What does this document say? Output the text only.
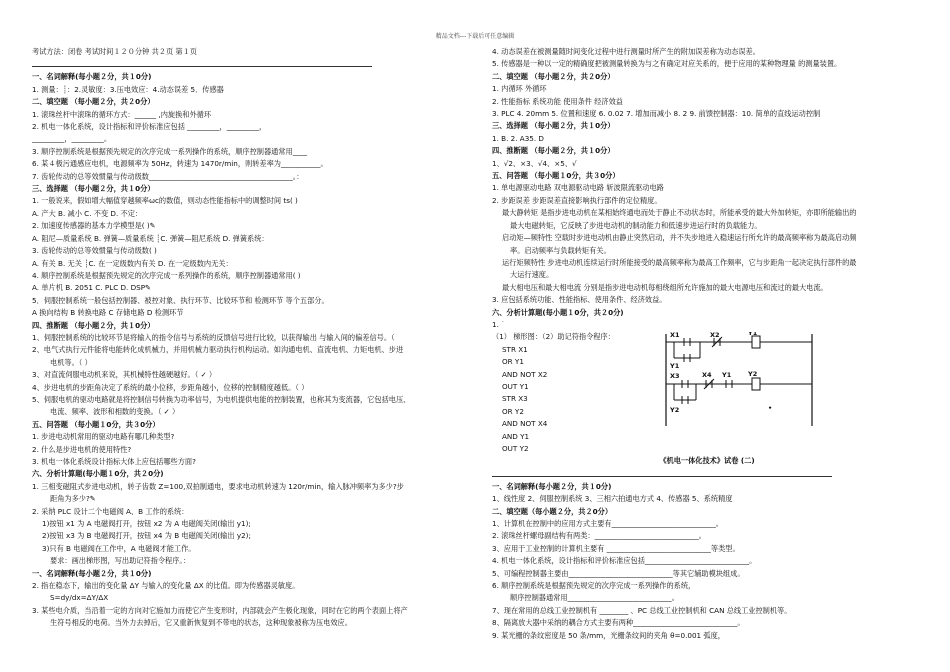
精品文档---下载后可任意编辑
考试方法：闭卷 考试时间１２０分钟 共２页 第１页
一、名词解释(每小题２分，共１0分)
1. 测量：┊：2.灵敏度：3.压电效应：4.动态误差 5．传感器
二、填空题 （每小题２分，共２0分）
1. 滚珠丝杆中滚珠的循环方式：______ ,内旋换和外循环
2. 机电一体化系统，设计指标和评价标准应包括 _________，_________，
_________，_________。
3. 顺序控制系统是根据预先规定的次序完成一系列操作的系统，顺序控制器通常用____
6. 某４极污通感应电机，电源频率为 50Hz，转速为 1470r/min，则转差率为___________。
7. 齿轮传动的总等效惯量与传动级数________________________________________。：
三、选择题 （每小题２分，共１0分）
1. 一般说来，假如增大幅值穿越频率ωc的数值，则动态性能指标中的调整时间 ts( )
A. 产大 B. 减小 C. 不变 D. 不定：
2. 加速度传感器的基本力学模型是( )✎
A. 阻尼—质量系统 B. 弹簧—质量系统 ┊C. 弹簧—阻尼系统 D. 弹簧系统：
3. 齿轮传动的总等效惯量与传动级数( )
A. 有关 B. 无关 ┊C. 在一定级数内有关 D. 在一定级数内无关：
4. 顺序控制系统是根据预先规定的次序完成一系列操作的系统，顺序控制器通常用( )
A. 单片机 B. 2051 C. PLC D. DSP✎
5．伺服控制系统一般包括控制器、被控对象、执行环节、比较环节和 检测环节 等个五部分。
A 换向结构 B 转换电路 C 存储电路 D 检测环节
四、推断题 （每小题２分，共１0分）
1、伺服控制系统的比较环节是将输入的指令信号与系统的反馈信号进行比较，以获得输出 与输入间的偏差信号。（
2、电气式执行元件能将电能转化成机械力，并用机械力驱动执行机构运动。如沟通电机、直流电机、力矩电机、步进
电机等。（ ）
3、对直流伺服电动机来说，其机械特性越硬越好。（ ✓ ）
4、步进电机的步距角决定了系统的最小位移，步距角越小，位移的控制精度越低。（ ）
5、伺服电机的驱动电路就是将控制信号转换为功率信号，为电机提供电能的控制装置，也称其为变流器，它包括电压、
电流、频率、波形和相数的变换。（ ✓ ）
五、问答题 （每小题１0分，共３0分）
1. 步进电动机常用的驱动电路有哪几种类型?
2. 什么是步进电机的使用特性?
3. 机电一体化系统设计指标大体上应包括哪些方面?
六、分析计算题(每小题１0分，共２0分)
1. 三相变磁阻式步进电动机，转子齿数 Z=100,双拍制通电，要求电动机转速为 120r/min，输入脉冲频率为多少?步
距角为多少?✎
2. 采纳 PLC 设计二个电磁阀 A、B 工作的系统：
1)按钮 x1 为 A 电磁阀打开，按钮 x2 为 A 电磁阀关闭(输出 y1);
2)按钮 x3 为 B 电磁阀打开，按钮 x4 为 B 电磁阀关闭(输出 y2);
3)只有 B 电磁阀在工作中，A 电磁阀才能工作。
要求：画出梯形图，写出助记符指令程序。：
一、名词解释(每小题２分，共１0分)
2. 指在稳态下，输出的变化量 ΔY 与输入的变化量 ΔX 的比值。即为传感器灵敏度。
S=dy/dx=ΔY/ΔX
3. 某些电介质，当沿着一定的方向对它施加力而使它产生变形时，内部就会产生极化现象，同时在它的两个表面上将产
生符号相反的电荷。当外力去掉后，它又重新恢复到不带电的状态，这种现象被称为压电效应。
4. 动态误差在被测量随时间变化过程中进行测量时所产生的附加误差称为动态误差。
5. 传感器是一种以一定的精确度把被测量转换为与之有确定对应关系的，便于应用的某种物理量 的测量装置。
二、填空题 （每小题２分，共２0分）
1. 内循环 外循环
2. 性能指标 系统功能 使用条件 经济效益
3. PLC 4. 20mm 5. 位置和速度 6. 0.02 7. 增加而减小 8. 2 9. 前馈控制器：10. 简单的直线运动控制
三、选择题 （每小题２分，共１0分）
1. B. 2. A35. D
四、推断题 （每小题２分，共１0分）
1、√2、×3、√4、×5、√
五、问答题 （每小题１0分，共３0分）
1. 单电源驱动电路 双电源驱动电路 斩波限流驱动电路
2. 步距误差 步距误差直接影响执行部件的定位精度。
最大静转矩 是指步进电动机在某相始终通电而处于静止不动状态时，所能承受的最大外加转矩，亦即所能输出的
最大电磁转矩，它反映了步进电动机的制动能力和低速步进运行时的负载能力。
启动矩—频特性 空载时步进电动机由静止突然启动，并不失步地进入稳速运行所允许的最高频率称为最高启动频
率。启动频率与负载转矩有关。
运行矩频特性 步进电动机连续运行时所能接受的最高频率称为最高工作频率，它与步距角一起决定执行部件的最
大运行速度。
最大相电压和最大相电流 分别是指步进电动机每相绕组所允许施加的最大电源电压和流过的最大电流。
3. 应包括系统功能、性能指标、使用条件、经济效益。
六、分析计算题(每小题１0分，共２0分)
1. ˙
（1） 梯形图：（2）助记符指令程序：
STR X1
OR Y1
AND NOT X2
OUT Y1
STR X3
OR Y2
AND NOT X4
AND Y1
OUT Y2
《机电一体化技术》试卷 (二)
一、名词解释(每小题２分，共１0分)
1、线性度 2、伺服控制系统 3、三相六拍通电方式 4、传感器 5、系统精度
二、填空题（每小题２分，共２0分）
1、计算机在控制中的应用方式主要有_____________________________。
2. 滚珠丝杆螺母副结构有两类：_____________________________。
3、应用于工业控制的计算机主要有 _____________________________等类型。
4. 机电一体化系统，设计指标和评价标准应包括_____________________________。
5、可编程控制器主要由_____________________________等其它辅助模块组成。
6. 顺序控制系统是根据预先规定的次序完成一系列操作的系统，
顺序控制器通常用_____________________________。
7、现在常用的总线工业控制机有 ________ 、PC 总线工业控制机和 CAN 总线工业控制机等。
8、隔离放大器中采纳的耦合方式主要有两种_____________________________。
9. 某光栅的条纹密度是 50 条/mm，光栅条纹间的夹角 θ=0.001 弧度，
X1	X2	Y1
Y1
X3	X4 Y1	Y2
Y2	•
